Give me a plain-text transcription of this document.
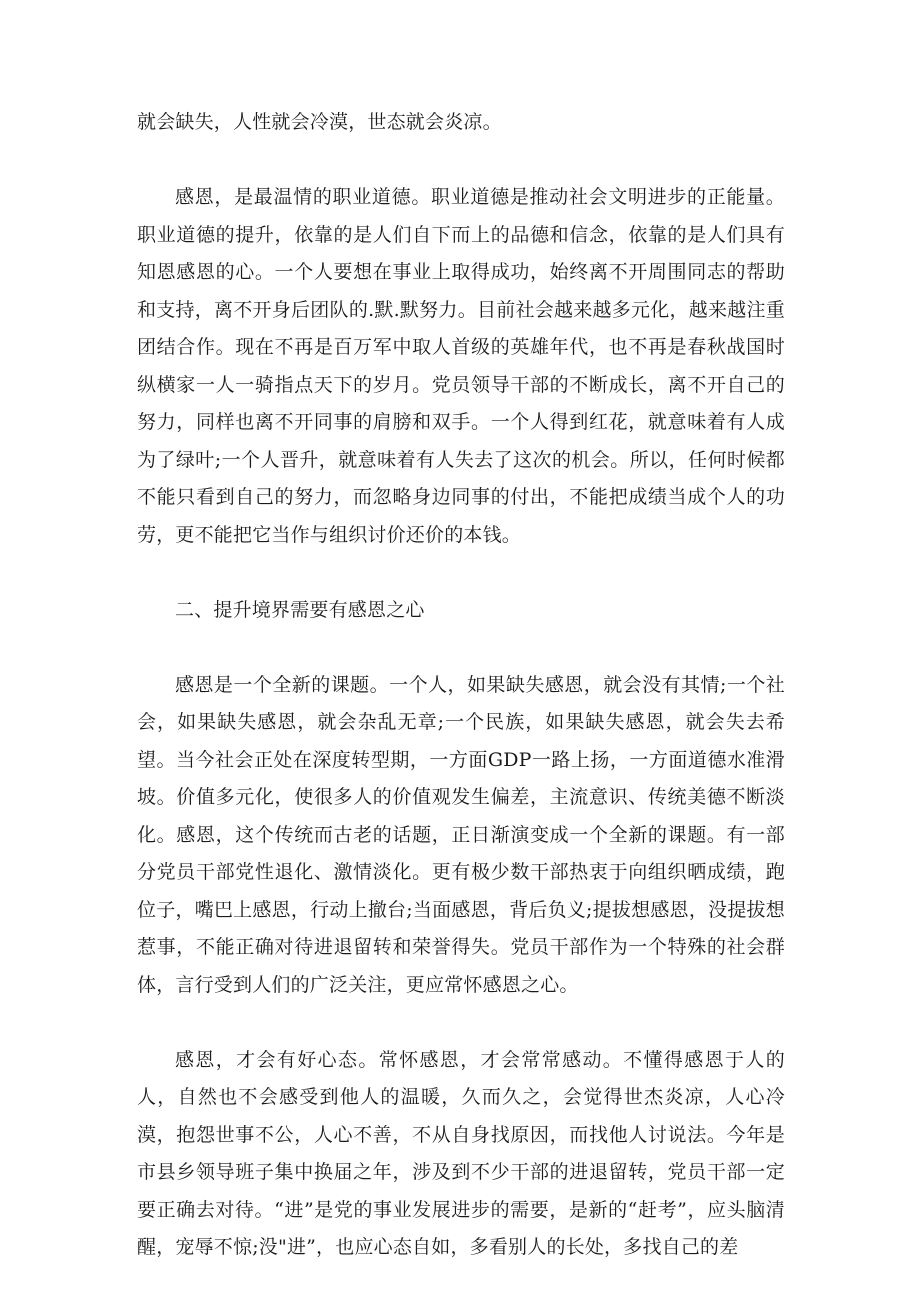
就会缺失，人性就会冷漠，世态就会炎凉。

感恩，是最温情的职业道德。职业道德是推动社会文明进步的正能量。职业道德的提升，依靠的是人们自下而上的品德和信念，依靠的是人们具有知恩感恩的心。一个人要想在事业上取得成功，始终离不开周围同志的帮助和支持，离不开身后团队的.默.默努力。目前社会越来越多元化，越来越注重团结合作。现在不再是百万军中取人首级的英雄年代，也不再是春秋战国时纵横家一人一骑指点天下的岁月。党员领导干部的不断成长，离不开自己的努力，同样也离不开同事的肩膀和双手。一个人得到红花，就意味着有人成为了绿叶;一个人晋升，就意味着有人失去了这次的机会。所以，任何时候都不能只看到自己的努力，而忽略身边同事的付出，不能把成绩当成个人的功劳，更不能把它当作与组织讨价还价的本钱。

二、提升境界需要有感恩之心

感恩是一个全新的课题。一个人，如果缺失感恩，就会没有其情;一个社会，如果缺失感恩，就会杂乱无章;一个民族，如果缺失感恩，就会失去希望。当今社会正处在深度转型期，一方面GDP一路上扬，一方面道德水准滑坡。价值多元化，使很多人的价值观发生偏差，主流意识、传统美德不断淡化。感恩，这个传统而古老的话题，正日渐演变成一个全新的课题。有一部分党员干部党性退化、激情淡化。更有极少数干部热衷于向组织晒成绩，跑位子，嘴巴上感恩，行动上撤台;当面感恩，背后负义;提拔想感恩，没提拔想惹事，不能正确对待进退留转和荣誉得失。党员干部作为一个特殊的社会群体，言行受到人们的广泛关注，更应常怀感恩之心。

感恩，才会有好心态。常怀感恩，才会常常感动。不懂得感恩于人的人，自然也不会感受到他人的温暖，久而久之，会觉得世杰炎凉，人心冷漠，抱怨世事不公，人心不善，不从自身找原因，而找他人讨说法。今年是市县乡领导班子集中换届之年，涉及到不少干部的进退留转，党员干部一定要正确去对待。“进”是党的事业发展进步的需要，是新的“赶考”，应头脑清醒，宠辱不惊;没"进”，也应心态自如，多看别人的长处，多找自己的差
